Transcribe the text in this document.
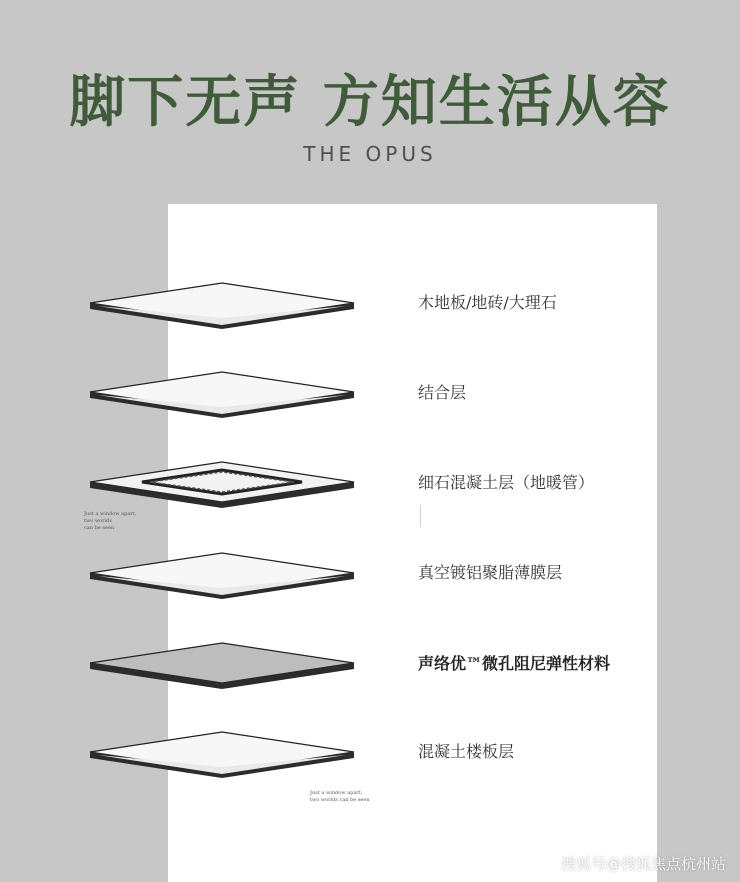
脚下无声 方知生活从容
THE OPUS
木地板/地砖/大理石
结合层
细石混凝土层（地暖管）
真空镀铝聚脂薄膜层
声络优™微孔阻尼弹性材料
混凝土楼板层
Just a window apart,
two worlds
can be seen
Just a window apart,
two worlds can be seen
搜狐号@搜狐焦点杭州站
